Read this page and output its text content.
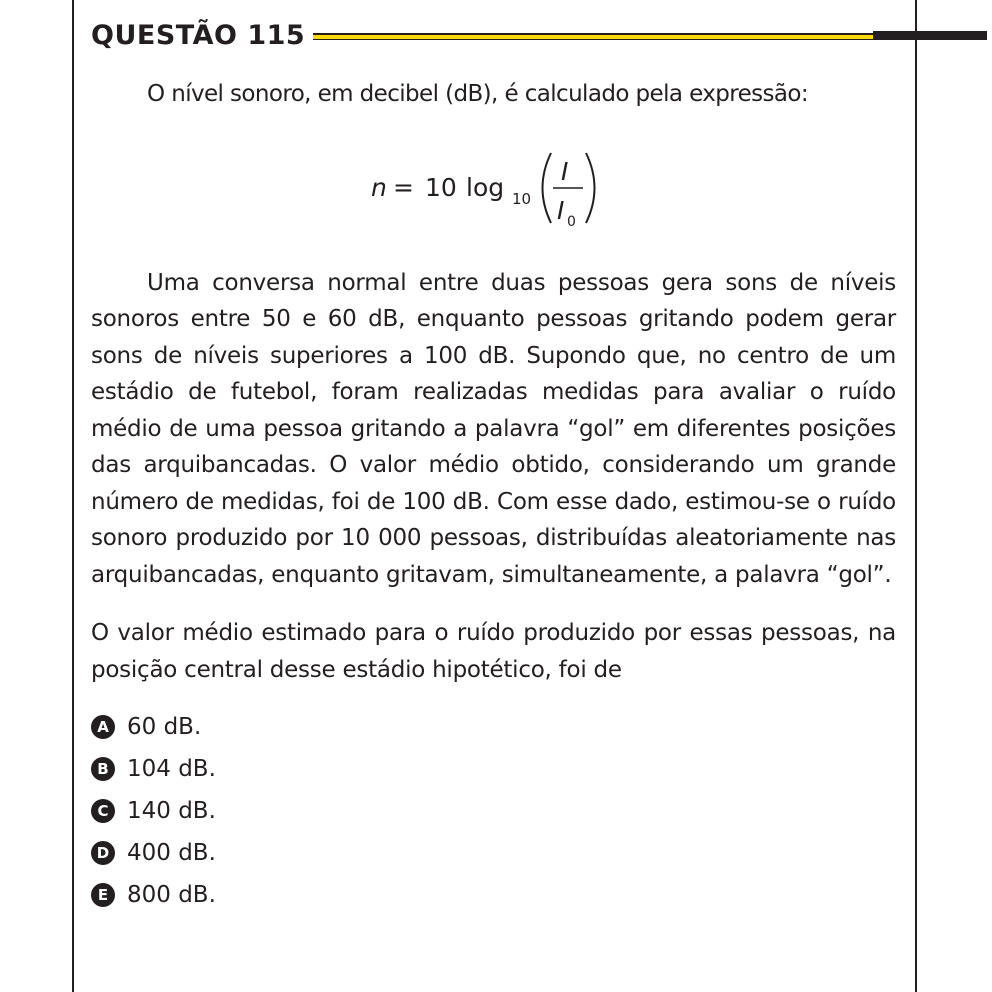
QUESTÃO 115

O nível sonoro, em decibel (dB), é calculado pela expressão:

n = 10 log 10
I
I 0

Uma conversa normal entre duas pessoas gera sons de níveis sonoros entre 50 e 60 dB, enquanto pessoas gritando podem gerar sons de níveis superiores a 100 dB. Supondo que, no centro de um estádio de futebol, foram realizadas medidas para avaliar o ruído médio de uma pessoa gritando a palavra “gol” em diferentes posições das arquibancadas. O valor médio obtido, considerando um grande número de medidas, foi de 100 dB. Com esse dado, estimou-se o ruído sonoro produzido por 10 000 pessoas, distribuídas aleatoriamente nas arquibancadas, enquanto gritavam, simultaneamente, a palavra “gol”.

O valor médio estimado para o ruído produzido por essas pessoas, na posição central desse estádio hipotético, foi de

A 60 dB.
B 104 dB.
C 140 dB.
D 400 dB.
E 800 dB.
